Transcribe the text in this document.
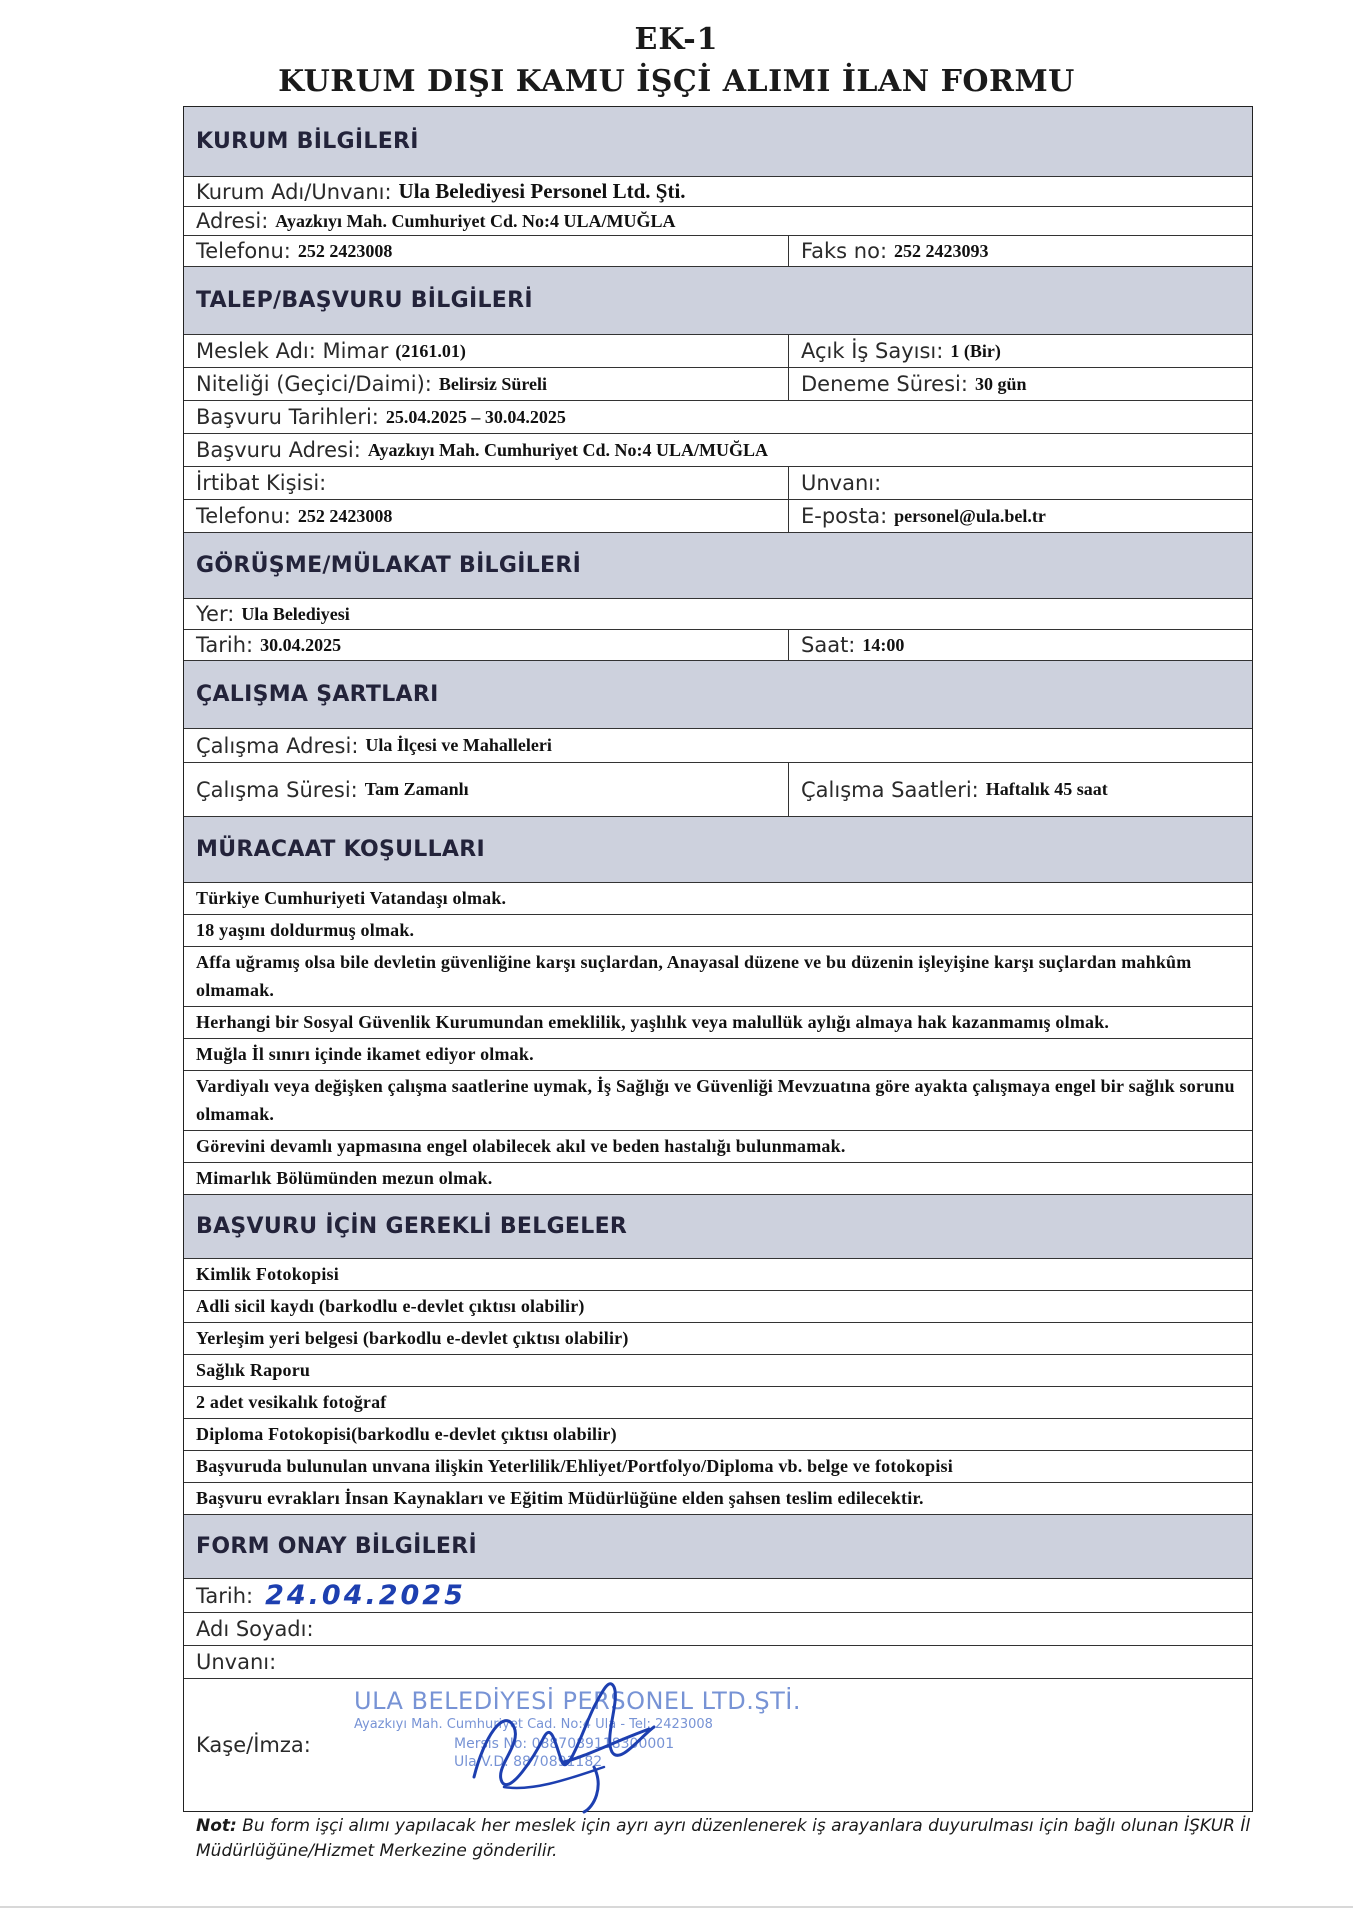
EK-1
KURUM DIŞI KAMU İŞÇİ ALIMI İLAN FORMU
KURUM BİLGİLERİ
Kurum Adı/Unvanı: Ula Belediyesi Personel Ltd. Şti.
Adresi: Ayazkıyı Mah. Cumhuriyet Cd. No:4 ULA/MUĞLA
Telefonu: 252 2423008	Faks no: 252 2423093
TALEP/BAŞVURU BİLGİLERİ
Meslek Adı: Mimar (2161.01)	Açık İş Sayısı: 1 (Bir)
Niteliği (Geçici/Daimi): Belirsiz Süreli	Deneme Süresi: 30 gün
Başvuru Tarihleri: 25.04.2025 – 30.04.2025
Başvuru Adresi: Ayazkıyı Mah. Cumhuriyet Cd. No:4 ULA/MUĞLA
İrtibat Kişisi:	Unvanı:
Telefonu: 252 2423008	E-posta: personel@ula.bel.tr
GÖRÜŞME/MÜLAKAT BİLGİLERİ
Yer: Ula Belediyesi
Tarih: 30.04.2025	Saat: 14:00
ÇALIŞMA ŞARTLARI
Çalışma Adresi: Ula İlçesi ve Mahalleleri
Çalışma Süresi: Tam Zamanlı	Çalışma Saatleri: Haftalık 45 saat
MÜRACAAT KOŞULLARI
Türkiye Cumhuriyeti Vatandaşı olmak.
18 yaşını doldurmuş olmak.
Affa uğramış olsa bile devletin güvenliğine karşı suçlardan, Anayasal düzene ve bu düzenin işleyişine karşı suçlardan mahkûm olmamak.
Herhangi bir Sosyal Güvenlik Kurumundan emeklilik, yaşlılık veya malullük aylığı almaya hak kazanmamış olmak.
Muğla İl sınırı içinde ikamet ediyor olmak.
Vardiyalı veya değişken çalışma saatlerine uymak, İş Sağlığı ve Güvenliği Mevzuatına göre ayakta çalışmaya engel bir sağlık sorunu olmamak.
Görevini devamlı yapmasına engel olabilecek akıl ve beden hastalığı bulunmamak.
Mimarlık Bölümünden mezun olmak.
BAŞVURU İÇİN GEREKLİ BELGELER
Kimlik Fotokopisi
Adli sicil kaydı (barkodlu e-devlet çıktısı olabilir)
Yerleşim yeri belgesi (barkodlu e-devlet çıktısı olabilir)
Sağlık Raporu
2 adet vesikalık fotoğraf
Diploma Fotokopisi(barkodlu e-devlet çıktısı olabilir)
Başvuruda bulunulan unvana ilişkin Yeterlilik/Ehliyet/Portfolyo/Diploma vb. belge ve fotokopisi
Başvuru evrakları İnsan Kaynakları ve Eğitim Müdürlüğüne elden şahsen teslim edilecektir.
FORM ONAY BİLGİLERİ
Tarih: 24.04.2025
Adı Soyadı:
Unvanı:
Kaşe/İmza:
ULA BELEDİYESİ PERSONEL LTD.ŞTİ.
Ayazkıyı Mah. Cumhuriyet Cad. No:4 Ula - Tel: 2423008
Mersis No: 0887089118300001
Ula V.D. 8870891182
Not: Bu form işçi alımı yapılacak her meslek için ayrı ayrı düzenlenerek iş arayanlara duyurulması için bağlı olunan İŞKUR İl Müdürlüğüne/Hizmet Merkezine gönderilir.
